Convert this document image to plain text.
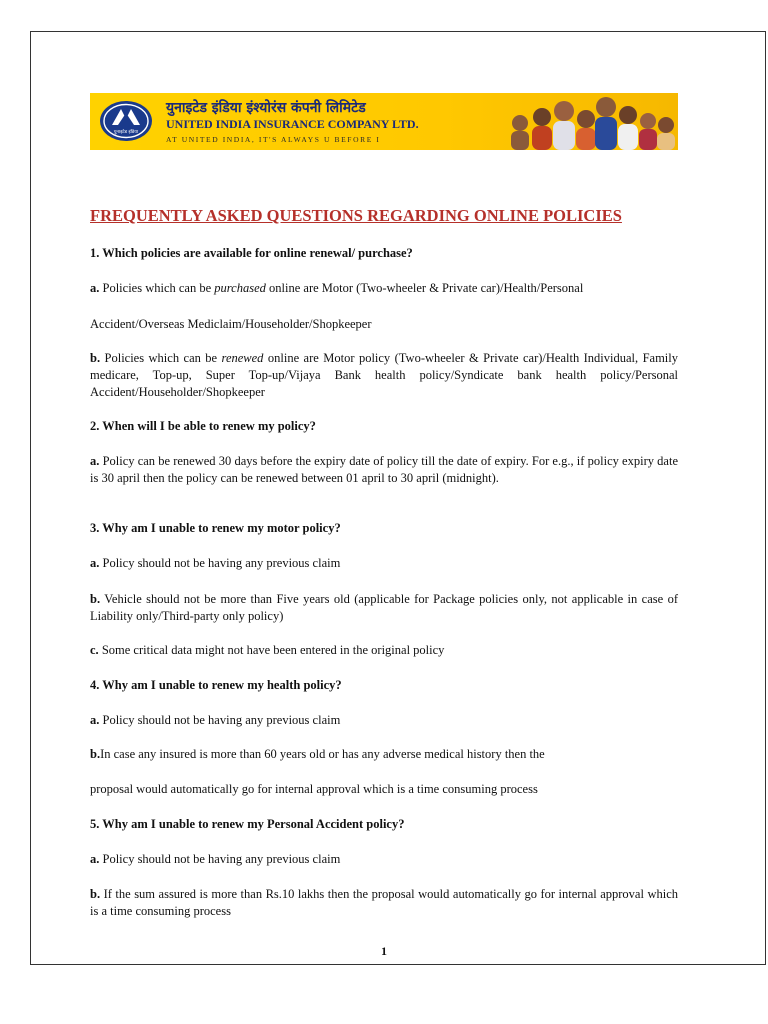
युनाइटेड इंडिया
युनाइटेड इंडिया इंश्योरंस कंपनी लिमिटेड
UNITED INDIA INSURANCE COMPANY LTD.
AT UNITED INDIA, IT'S ALWAYS U BEFORE I
FREQUENTLY ASKED QUESTIONS REGARDING ONLINE POLICIES
1. Which policies are available for online renewal/ purchase?
a. Policies which can be purchased online are Motor (Two-wheeler & Private car)/Health/Personal
Accident/Overseas Mediclaim/Householder/Shopkeeper
b. Policies which can be renewed online are Motor policy (Two-wheeler & Private car)/Health Individual, Family medicare, Top-up, Super Top-up/Vijaya Bank health policy/Syndicate bank health policy/Personal Accident/Householder/Shopkeeper
2. When will I be able to renew my policy?
a. Policy can be renewed 30 days before the expiry date of policy till the date of expiry. For e.g., if policy expiry date is 30 april then the policy can be renewed between 01 april to 30 april (midnight).
3. Why am I unable to renew my motor policy?
a. Policy should not be having any previous claim
b. Vehicle should not be more than Five years old (applicable for Package policies only, not applicable in case of Liability only/Third-party only policy)
c. Some critical data might not have been entered in the original policy
4. Why am I unable to renew my health policy?
a. Policy should not be having any previous claim
b.In case any insured is more than 60 years old or has any adverse medical history then the
proposal would automatically go for internal approval which is a time consuming process
5. Why am I unable to renew my Personal Accident policy?
a. Policy should not be having any previous claim
b. If the sum assured is more than Rs.10 lakhs then the proposal would automatically go for internal approval which is a time consuming process
1
